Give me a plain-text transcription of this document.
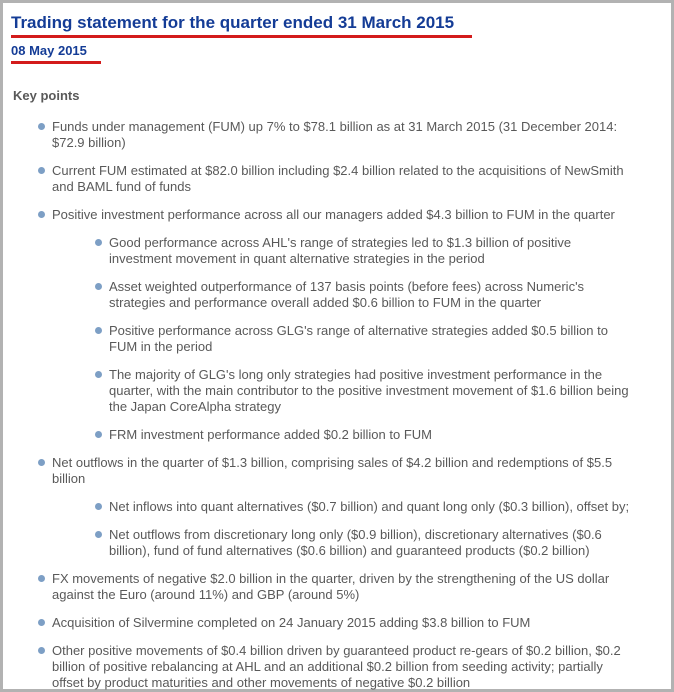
Trading statement for the quarter ended 31 March 2015
08 May 2015
Key points
Funds under management (FUM) up 7% to $78.1 billion as at 31 March 2015 (31 December 2014: $72.9 billion)
Current FUM estimated at $82.0 billion including $2.4 billion related to the acquisitions of NewSmith and BAML fund of funds
Positive investment performance across all our managers added $4.3 billion to FUM in the quarter
Good performance across AHL's range of strategies led to $1.3 billion of positive investment movement in quant alternative strategies in the period
Asset weighted outperformance of 137 basis points (before fees) across Numeric's strategies and performance overall added $0.6 billion to FUM in the quarter
Positive performance across GLG's range of alternative strategies added $0.5 billion to FUM in the period
The majority of GLG's long only strategies had positive investment performance in the quarter, with the main contributor to the positive investment movement of $1.6 billion being the Japan CoreAlpha strategy
FRM investment performance added $0.2 billion to FUM
Net outflows in the quarter of $1.3 billion, comprising sales of $4.2 billion and redemptions of $5.5 billion
Net inflows into quant alternatives ($0.7 billion) and quant long only ($0.3 billion), offset by;
Net outflows from discretionary long only ($0.9 billion), discretionary alternatives ($0.6 billion), fund of fund alternatives ($0.6 billion) and guaranteed products ($0.2 billion)
FX movements of negative $2.0 billion in the quarter, driven by the strengthening of the US dollar against the Euro (around 11%) and GBP (around 5%)
Acquisition of Silvermine completed on 24 January 2015 adding $3.8 billion to FUM
Other positive movements of $0.4 billion driven by guaranteed product re-gears of $0.2 billion, $0.2 billion of positive rebalancing at AHL and an additional $0.2 billion from seeding activity; partially offset by product maturities and other movements of negative $0.2 billion
